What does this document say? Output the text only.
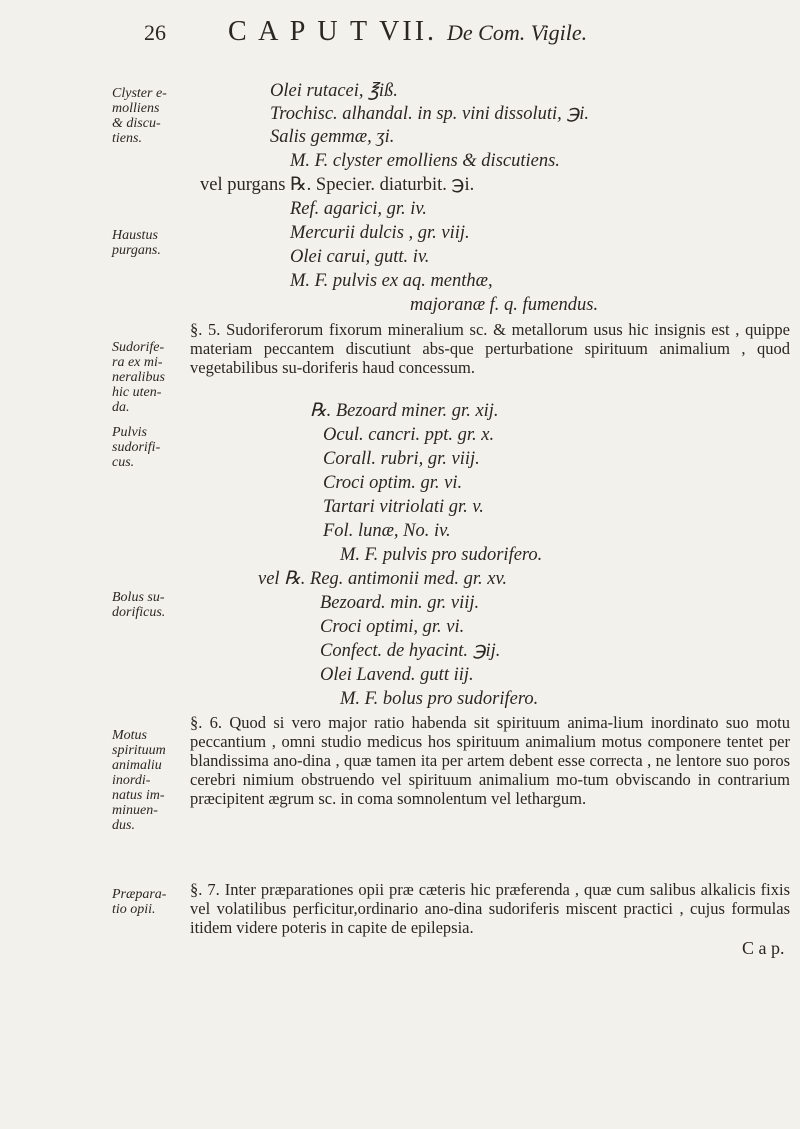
26 C A P U T VII. De Com. Vigile.
Clyster e-
molliens
& discu-
tiens.
Haustus
purgans.
Sudorife-
ra ex mi-
neralibus
hic uten-
da.
Pulvis
sudorifi-
cus.
Bolus su-
dorificus.
Motus
spirituum
animaliu
inordi-
natus im-
minuen-
dus.
Præpara-
tio opii.
Olei rutacei, ℥iß.
Trochisc. alhandal. in sp. vini dissoluti, ℈i.
Salis gemmæ, ʒi.
M. F. clyster emolliens & discutiens.
vel purgans ℞. Specier. diaturbit. ℈i.
Ref. agarici, gr. iv.
Mercurii dulcis , gr. viij.
Olei carui, gutt. iv.
M. F. pulvis ex aq. menthæ,
majoranæ f. q. fumendus.

§. 5. Sudoriferorum fixorum mineralium sc. & metallorum usus hic insignis est , quippe materiam peccantem discutiunt abs-que perturbatione spirituum animalium , quod vegetabilibus su-doriferis haud concessum.

℞. Bezoard miner. gr. xij.
Ocul. cancri. ppt. gr. x.
Corall. rubri, gr. viij.
Croci optim. gr. vi.
Tartari vitriolati gr. v.
Fol. lunæ, No. iv.
M. F. pulvis pro sudorifero.
vel ℞. Reg. antimonii med. gr. xv.
Bezoard. min. gr. viij.
Croci optimi, gr. vi.
Confect. de hyacint. ℈ij.
Olei Lavend. gutt iij.
M. F. bolus pro sudorifero.

§. 6. Quod si vero major ratio habenda sit spirituum anima-lium inordinato suo motu peccantium , omni studio medicus hos spirituum animalium motus componere tentet per blandissima ano-dina , quæ tamen ita per artem debent esse correcta , ne lentore suo poros cerebri nimium obstruendo vel spirituum animalium mo-tum obviscando in contrarium præcipitent ægrum sc. in coma somnolentum vel lethargum.

§. 7. Inter præparationes opii præ cæteris hic præferenda , quæ cum salibus alkalicis fixis vel volatilibus perficitur,ordinario ano-dina sudoriferis miscent practici , cujus formulas itidem videre poteris in capite de epilepsia.

C a p.
